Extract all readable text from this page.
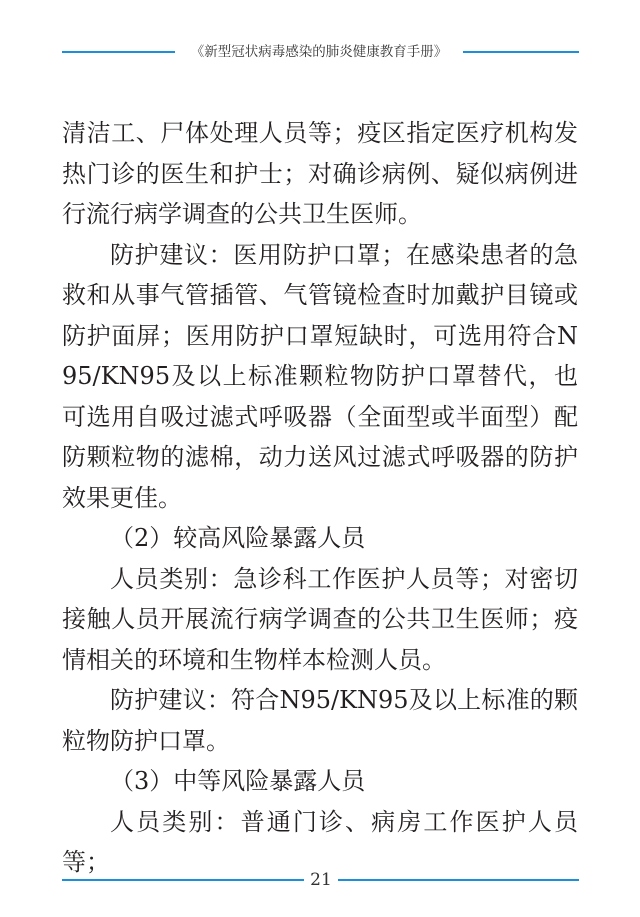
《新型冠状病毒感染的肺炎健康教育手册》

清洁工、尸体处理人员等；疫区指定医疗机构发热门诊的医生和护士；对确诊病例、疑似病例进行流行病学调查的公共卫生医师。

防护建议：医用防护口罩；在感染患者的急救和从事气管插管、气管镜检查时加戴护目镜或防护面屏；医用防护口罩短缺时，可选用符合N95/KN95及以上标准颗粒物防护口罩替代，也可选用自吸过滤式呼吸器（全面型或半面型）配防颗粒物的滤棉，动力送风过滤式呼吸器的防护效果更佳。

（2）较高风险暴露人员

人员类别：急诊科工作医护人员等；对密切接触人员开展流行病学调查的公共卫生医师；疫情相关的环境和生物样本检测人员。

防护建议：符合N95/KN95及以上标准的颗粒物防护口罩。

（3）中等风险暴露人员

人员类别：普通门诊、病房工作医护人员等；

21
